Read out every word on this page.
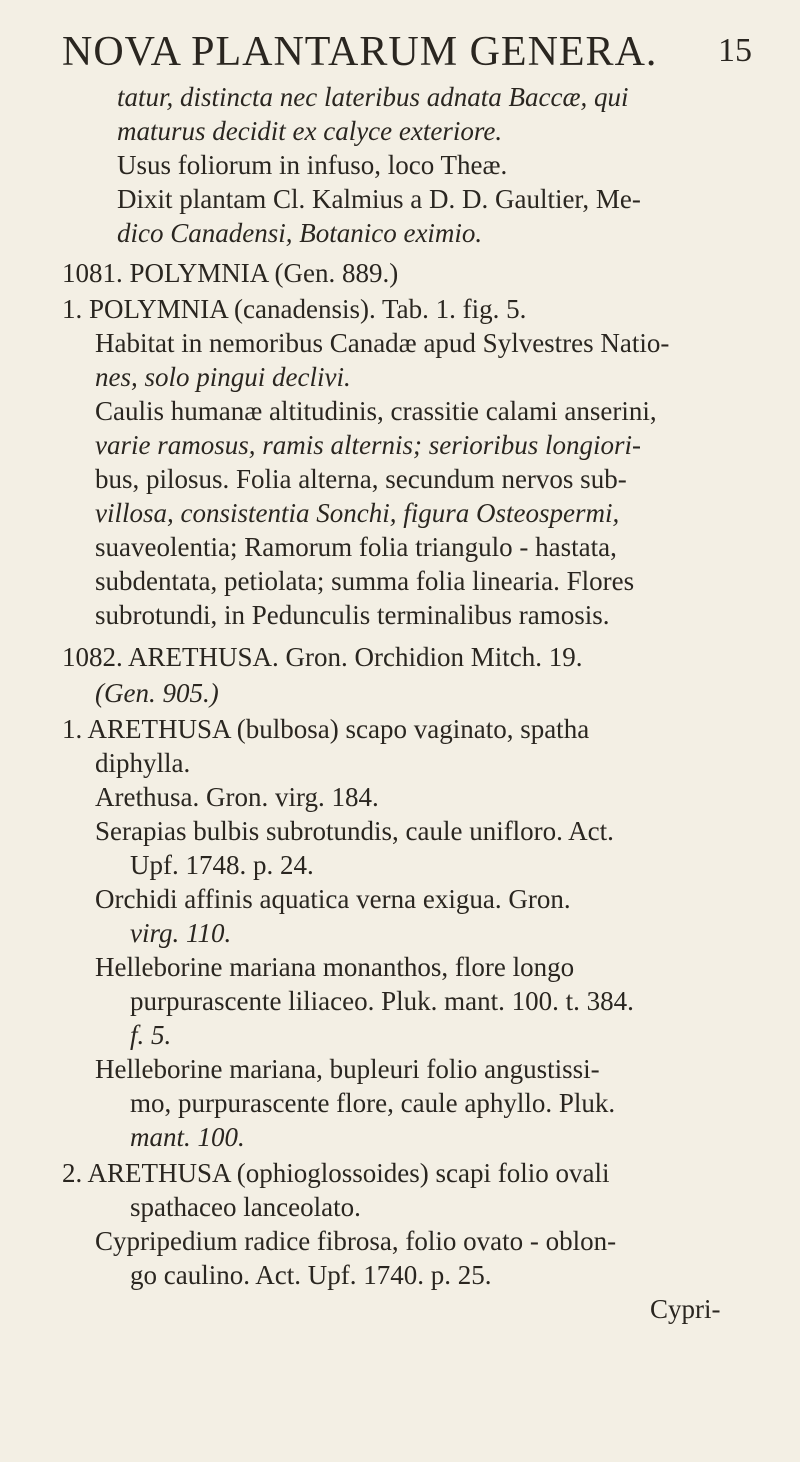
NOVA PLANTARUM GENERA. 15
tatur, distincta nec lateribus adnata Baccæ, qui
maturus decidit ex calyce exteriore.
Usus foliorum in infuso, loco Theæ.
Dixit plantam Cl. Kalmius a D. D. Gaultier, Me-
dico Canadensi, Botanico eximio.
1081. POLYMNIA (Gen. 889.)
1. POLYMNIA (canadensis). Tab. 1. fig. 5.
Habitat in nemoribus Canadæ apud Sylvestres Natio-
nes, solo pingui declivi.
Caulis humanæ altitudinis, crassitie calami anserini,
varie ramosus, ramis alternis; serioribus longiori-
bus, pilosus. Folia alterna, secundum nervos sub-
villosa, consistentia Sonchi, figura Osteospermi,
suaveolentia; Ramorum folia triangulo - hastata,
subdentata, petiolata; summa folia linearia. Flores
subrotundi, in Pedunculis terminalibus ramosis.
1082. ARETHUSA. Gron. Orchidion Mitch. 19.
(Gen. 905.)
1. ARETHUSA (bulbosa) scapo vaginato, spatha
diphylla.
Arethusa. Gron. virg. 184.
Serapias bulbis subrotundis, caule unifloro. Act.
Upf. 1748. p. 24.
Orchidi affinis aquatica verna exigua. Gron.
virg. 110.
Helleborine mariana monanthos, flore longo
purpurascente liliaceo. Pluk. mant. 100. t. 384.
f. 5.
Helleborine mariana, bupleuri folio angustissi-
mo, purpurascente flore, caule aphyllo. Pluk.
mant. 100.
2. ARETHUSA (ophioglossoides) scapi folio ovali
spathaceo lanceolato.
Cypripedium radice fibrosa, folio ovato - oblon-
go caulino. Act. Upf. 1740. p. 25.
Cypri-
